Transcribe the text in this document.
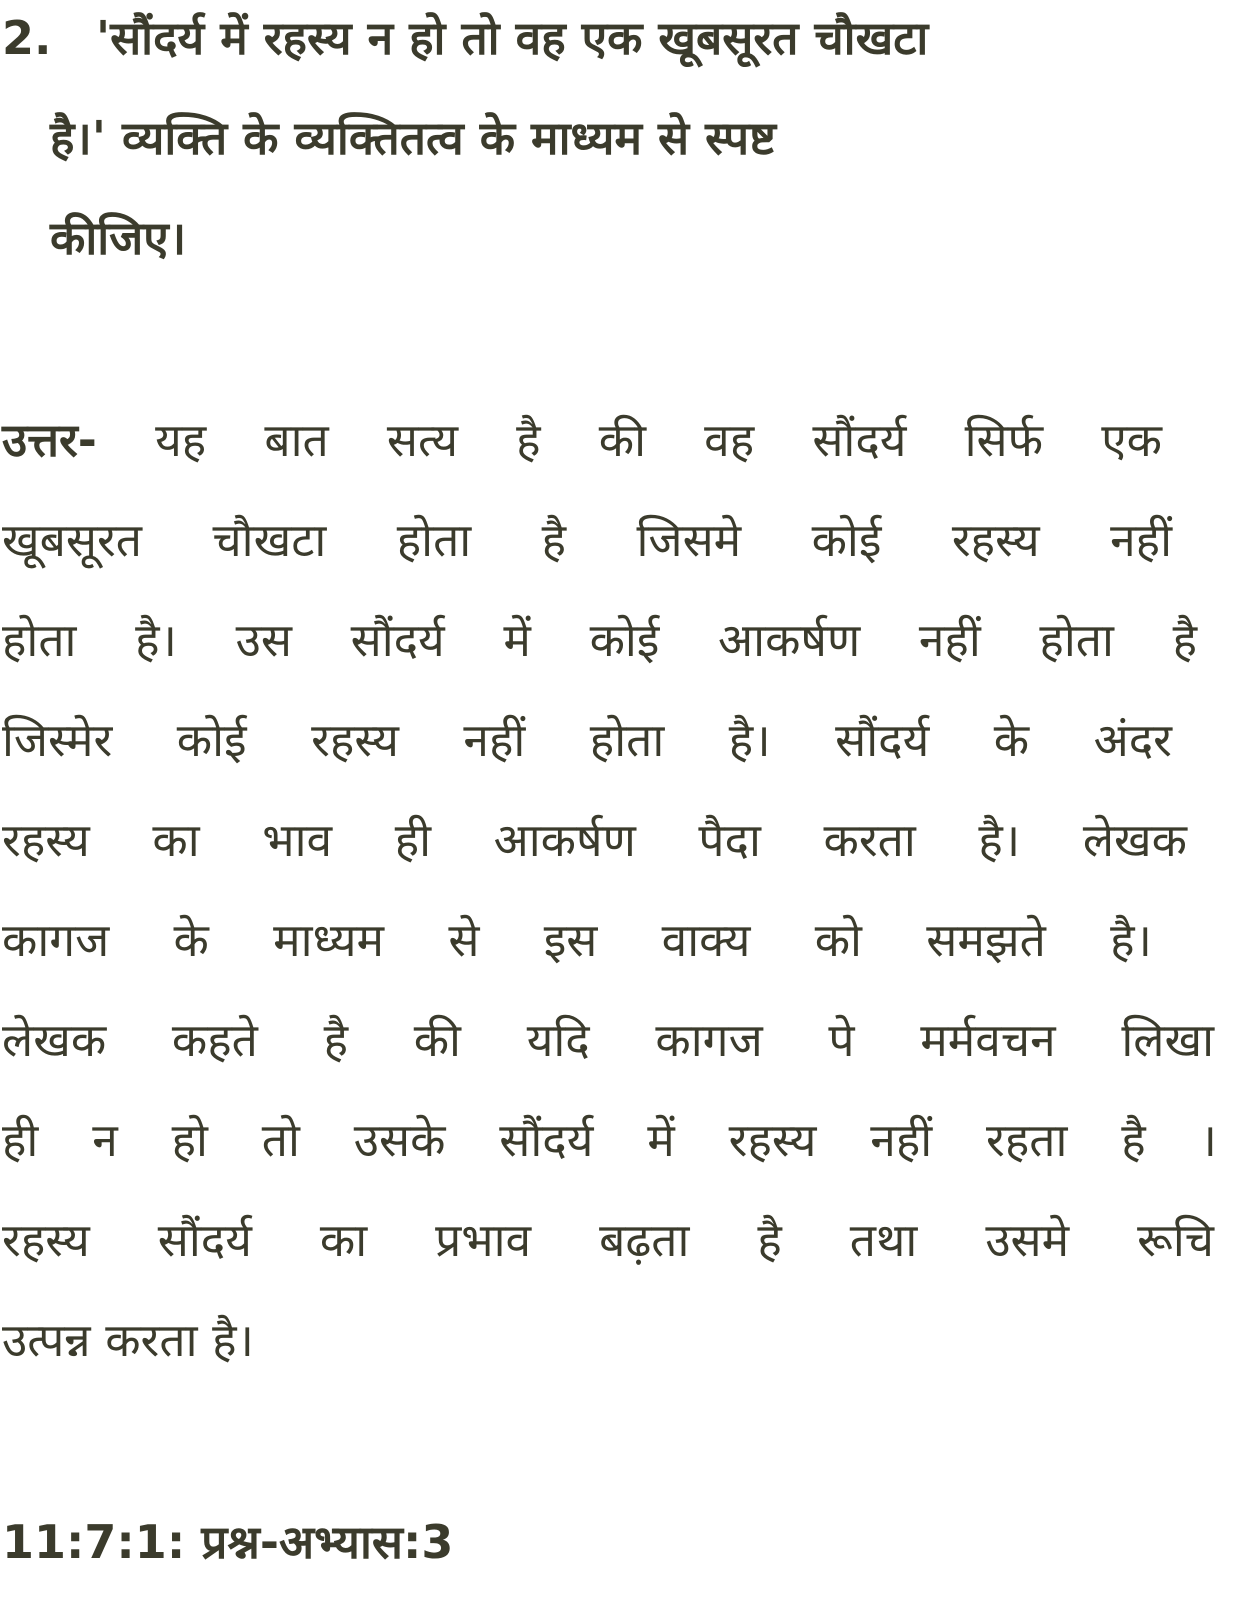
2. 'सौंदर्य में रहस्य न हो तो वह एक खूबसूरत चौखटा
है।' व्यक्ति के व्यक्तितत्व के माध्यम से स्पष्ट
कीजिए।
उत्तर- यह बात सत्य है की वह सौंदर्य सिर्फ एक
खूबसूरत चौखटा होता है जिसमे कोई रहस्य नहीं
होता है। उस सौंदर्य में कोई आकर्षण नहीं होता है
जिस्मेर कोई रहस्य नहीं होता है। सौंदर्य के अंदर
रहस्य का भाव ही आकर्षण पैदा करता है। लेखक
कागज के माध्यम से इस वाक्य को समझते है।
लेखक कहते है की यदि कागज पे मर्मवचन लिखा
ही न हो तो उसके सौंदर्य में रहस्य नहीं रहता है ।
रहस्य सौंदर्य का प्रभाव बढ़ता है तथा उसमे रूचि
उत्पन्न करता है।
11:7:1: प्रश्न-अभ्यास:3
